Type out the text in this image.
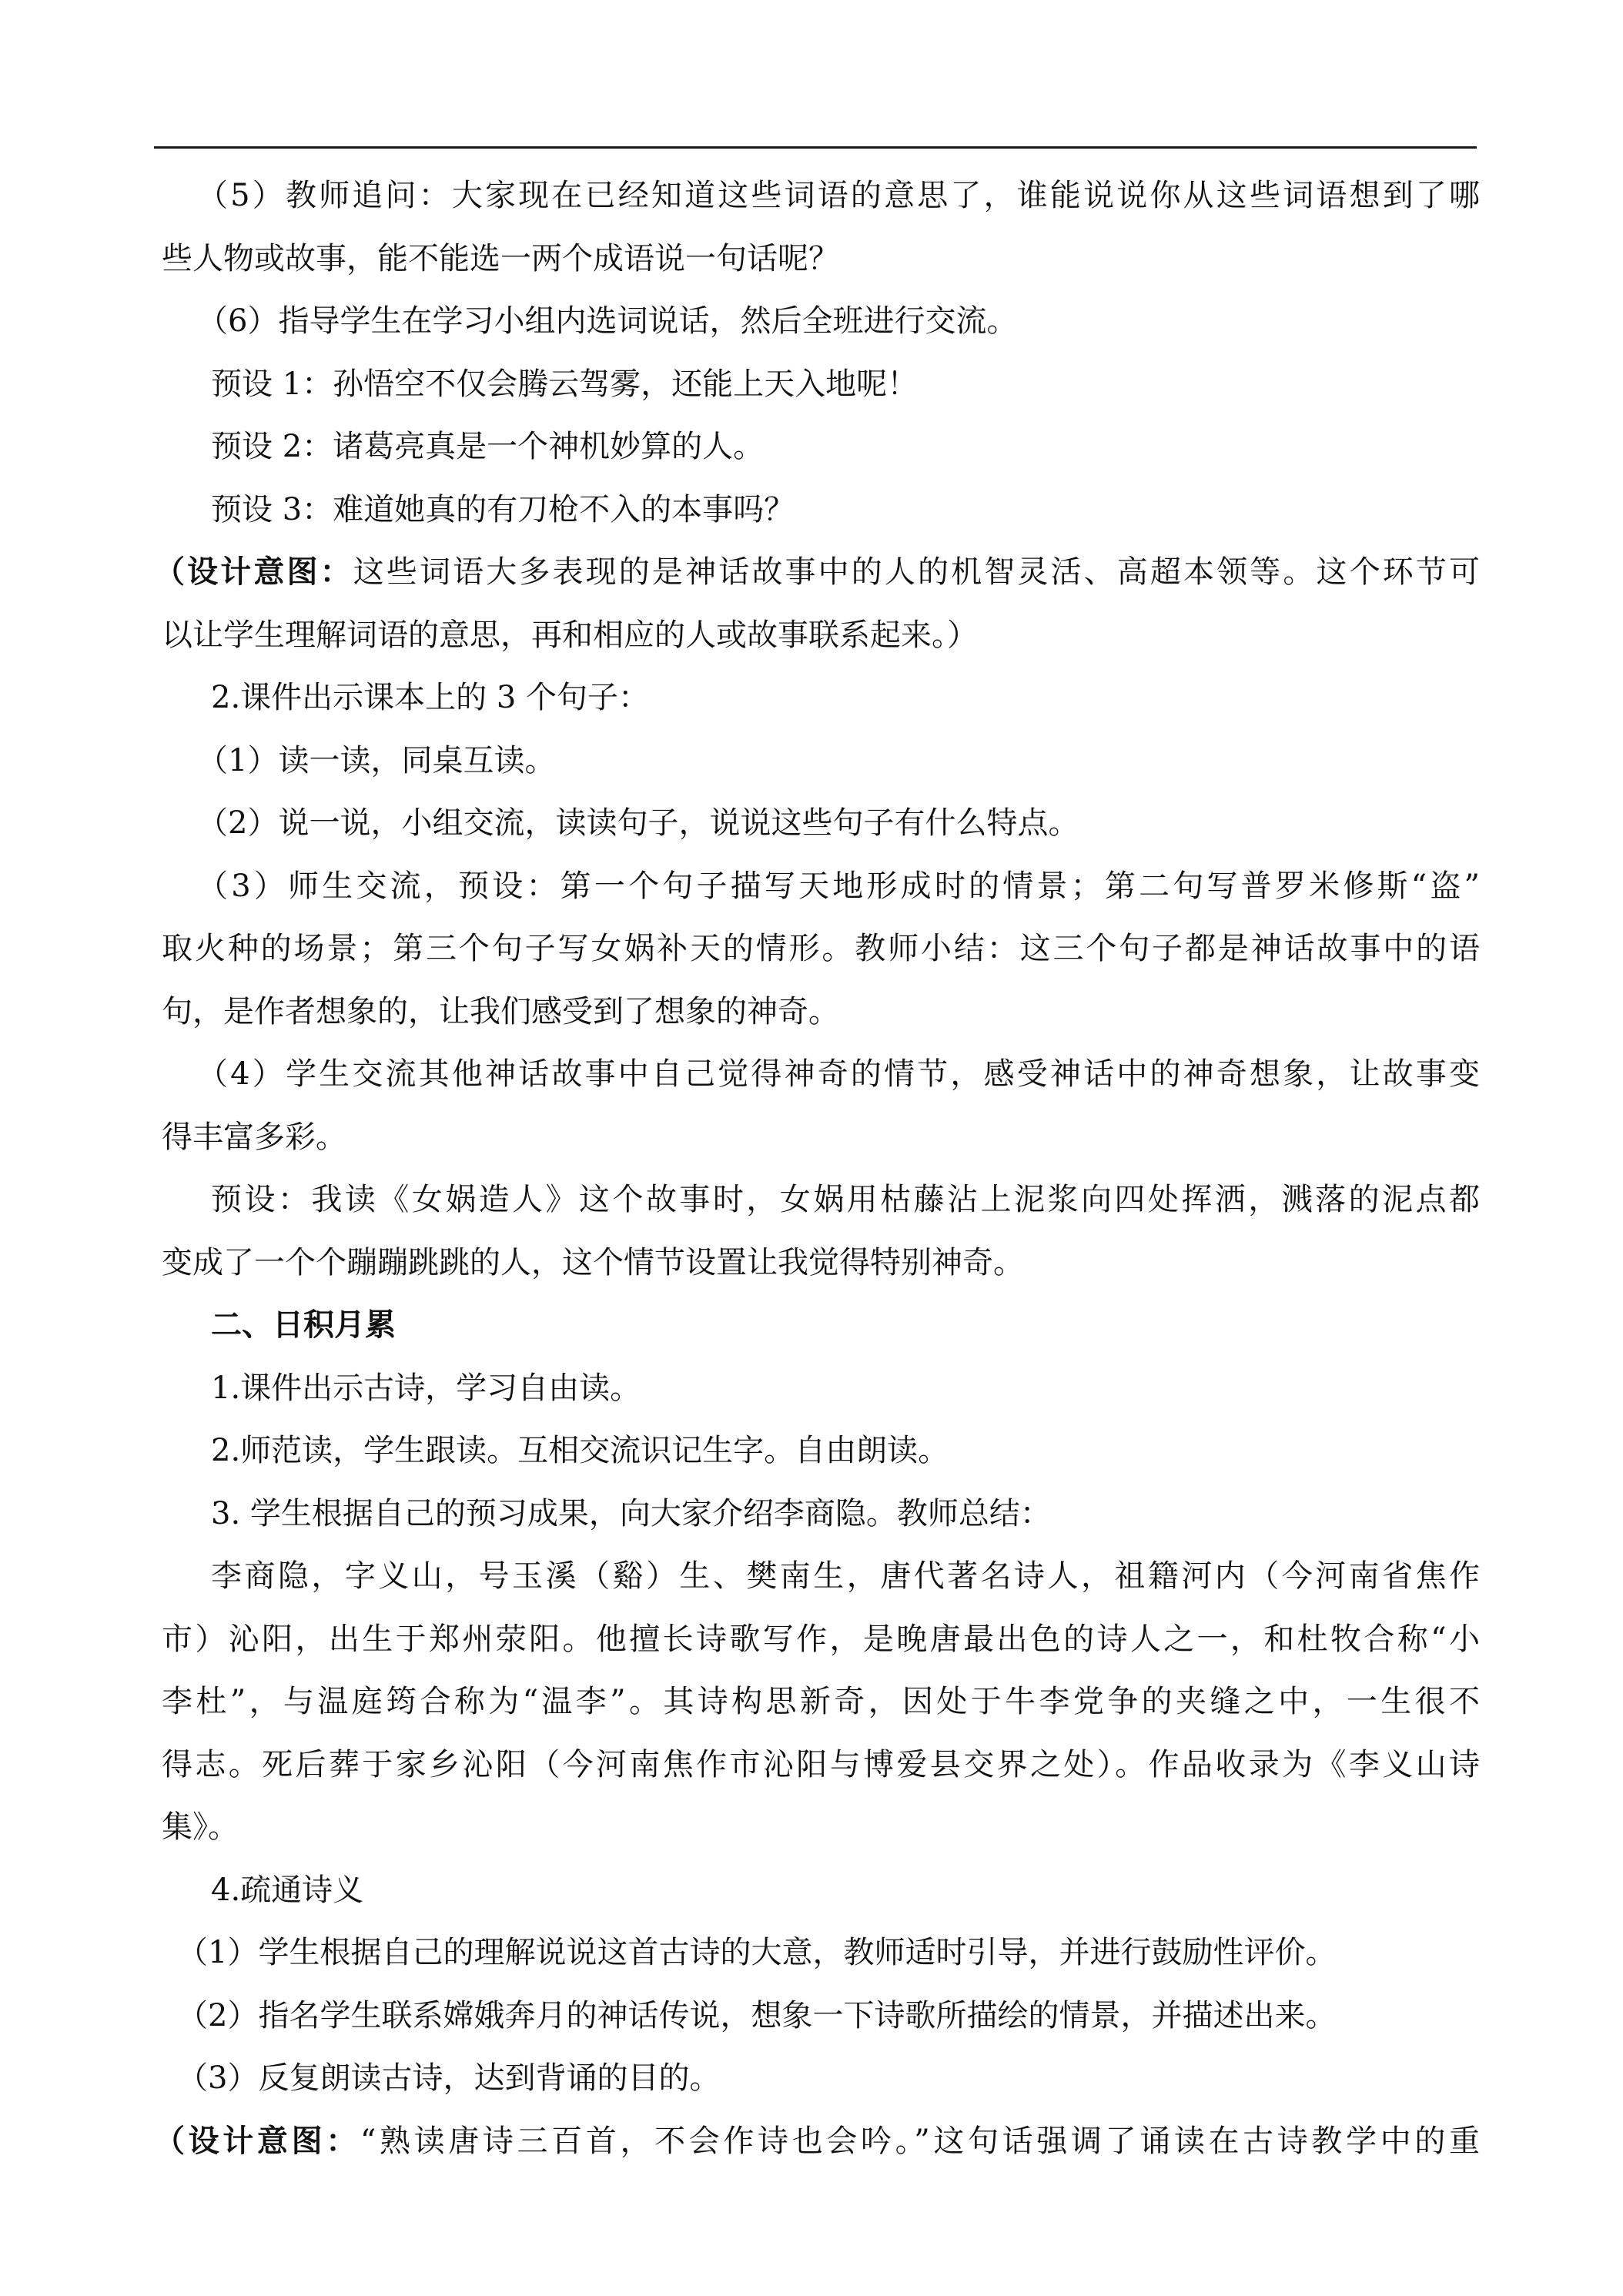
（5）教师追问：大家现在已经知道这些词语的意思了，谁能说说你从这些词语想到了哪
些人物或故事，能不能选一两个成语说一句话呢？
（6）指导学生在学习小组内选词说话，然后全班进行交流。
预设 1：孙悟空不仅会腾云驾雾，还能上天入地呢！
预设 2：诸葛亮真是一个神机妙算的人。
预设 3：难道她真的有刀枪不入的本事吗？
（设计意图：这些词语大多表现的是神话故事中的人的机智灵活、高超本领等。这个环节可
以让学生理解词语的意思，再和相应的人或故事联系起来。）
2.课件出示课本上的 3 个句子：
（1）读一读，同桌互读。
（2）说一说，小组交流，读读句子，说说这些句子有什么特点。
（3）师生交流，预设：第一个句子描写天地形成时的情景；第二句写普罗米修斯“盗”
取火种的场景；第三个句子写女娲补天的情形。教师小结：这三个句子都是神话故事中的语
句，是作者想象的，让我们感受到了想象的神奇。
（4）学生交流其他神话故事中自己觉得神奇的情节，感受神话中的神奇想象，让故事变
得丰富多彩。
预设：我读《女娲造人》这个故事时，女娲用枯藤沾上泥浆向四处挥洒，溅落的泥点都
变成了一个个蹦蹦跳跳的人，这个情节设置让我觉得特别神奇。
二、日积月累
1.课件出示古诗，学习自由读。
2.师范读，学生跟读。互相交流识记生字。自由朗读。
3. 学生根据自己的预习成果，向大家介绍李商隐。教师总结：
李商隐，字义山，号玉溪（谿）生、樊南生，唐代著名诗人，祖籍河内（今河南省焦作
市）沁阳，出生于郑州荥阳。他擅长诗歌写作，是晚唐最出色的诗人之一，和杜牧合称“小
李杜”，与温庭筠合称为“温李”。其诗构思新奇，因处于牛李党争的夹缝之中，一生很不
得志。死后葬于家乡沁阳（今河南焦作市沁阳与博爱县交界之处）。作品收录为《李义山诗
集》。
4.疏通诗义
（1）学生根据自己的理解说说这首古诗的大意，教师适时引导，并进行鼓励性评价。
（2）指名学生联系嫦娥奔月的神话传说，想象一下诗歌所描绘的情景，并描述出来。
（3）反复朗读古诗，达到背诵的目的。
（设计意图：“熟读唐诗三百首，不会作诗也会吟。”这句话强调了诵读在古诗教学中的重
